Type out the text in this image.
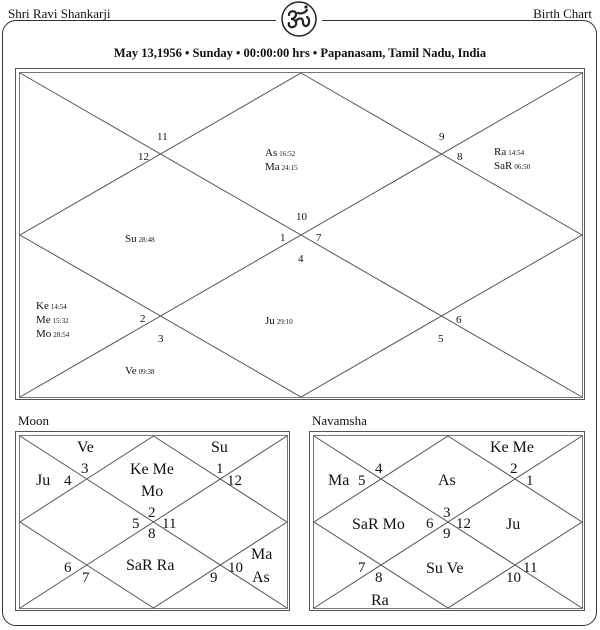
Shri Ravi Shankarji	Birth Chart
May 13,1956 • Sunday • 00:00:00 hrs • Papanasam, Tamil Nadu, India
11
12
9
8
10
1	7
4
2
3
6
5
As 16:52
Ma 24:15
Ra 14:54
SaR 06:50
Su 28:48
Ke 14:54
Me 15:32
Mo 28:54
Ju 29:10
Ve 09:38
Moon
3
4
1
12
2
5 11
8
6
7
10
9
Ve
Ju
Ke Me
Mo
Su
SaR Ra
Ma
As
Navamsha
4
5
2
1
3
6 12
9
7
8	10
11
Ma	As
Ke Me
SaR Mo	Ju
Su Ve
Ra
